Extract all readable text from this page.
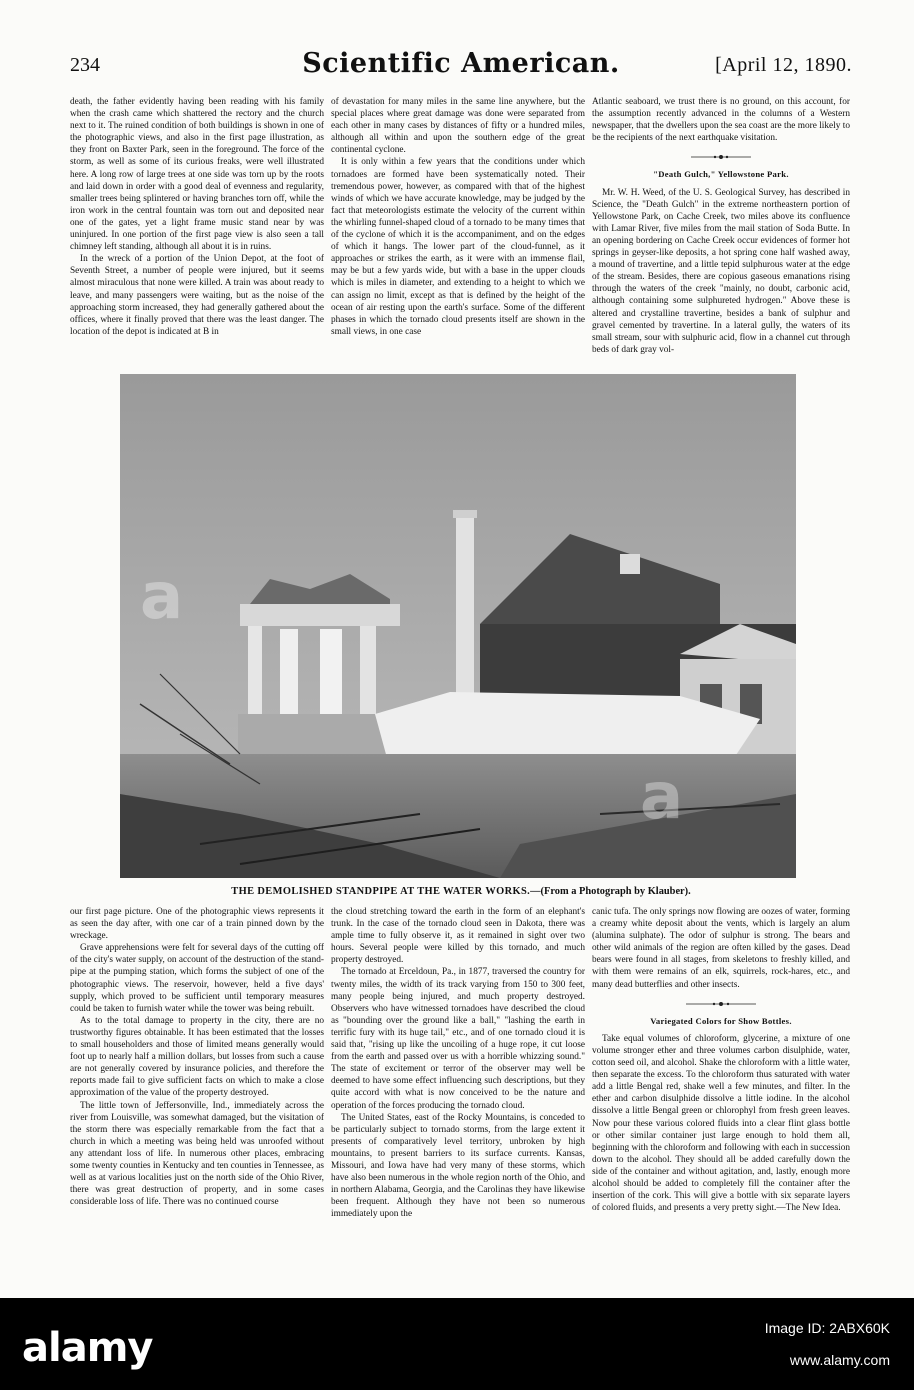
234	Scientific American.	[April 12, 1890.

death, the father evidently having been reading with his family when the crash came which shattered the rectory and the church next to it. The ruined condition of both buildings is shown in one of the photographic views, and also in the first page illustration, as they front on Baxter Park, seen in the foreground. The force of the storm, as well as some of its curious freaks, were well illustrated here. A long row of large trees at one side was torn up by the roots and laid down in order with a good deal of evenness and regularity, smaller trees being splintered or having branches torn off, while the iron work in the central fountain was torn out and deposited near one of the gates, yet a light frame music stand near by was uninjured. In one portion of the first page view is also seen a tall chimney left standing, although all about it is in ruins.

In the wreck of a portion of the Union Depot, at the foot of Seventh Street, a number of people were injured, but it seems almost miraculous that none were killed. A train was about ready to leave, and many passengers were waiting, but as the noise of the approaching storm increased, they had generally gathered about the offices, where it finally proved that there was the least danger. The location of the depot is indicated at B in

of devastation for many miles in the same line anywhere, but the special places where great damage was done were separated from each other in many cases by distances of fifty or a hundred miles, although all within and upon the southern edge of the great continental cyclone.

It is only within a few years that the conditions under which tornadoes are formed have been systematically noted. Their tremendous power, however, as compared with that of the highest winds of which we have accurate knowledge, may be judged by the fact that meteorologists estimate the velocity of the current within the whirling funnel-shaped cloud of a tornado to be many times that of the cyclone of which it is the accompaniment, and on the edges of which it hangs. The lower part of the cloud-funnel, as it approaches or strikes the earth, as it were with an immense flail, may be but a few yards wide, but with a base in the upper clouds which is miles in diameter, and extending to a height to which we can assign no limit, except as that is defined by the height of the ocean of air resting upon the earth's surface. Some of the different phases in which the tornado cloud presents itself are shown in the small views, in one case

Atlantic seaboard, we trust there is no ground, on this account, for the assumption recently advanced in the columns of a Western newspaper, that the dwellers upon the sea coast are the more likely to be the recipients of the next earthquake visitation.

"Death Gulch," Yellowstone Park.

Mr. W. H. Weed, of the U. S. Geological Survey, has described in Science, the "Death Gulch" in the extreme northeastern portion of Yellowstone Park, on Cache Creek, two miles above its confluence with Lamar River, five miles from the mail station of Soda Butte. In an opening bordering on Cache Creek occur evidences of former hot springs in geyser-like deposits, a hot spring cone half washed away, a mound of travertine, and a little tepid sulphurous water at the edge of the stream. Besides, there are copious gaseous emanations rising through the waters of the creek "mainly, no doubt, carbonic acid, although containing some sulphureted hydrogen." Above these is altered and crystalline travertine, besides a bank of sulphur and gravel cemented by travertine. In a lateral gully, the waters of its small stream, sour with sulphuric acid, flow in a channel cut through beds of dark gray vol-

THE DEMOLISHED STANDPIPE AT THE WATER WORKS.—(From a Photograph by Klauber).

our first page picture. One of the photographic views represents it as seen the day after, with one car of a train pinned down by the wreckage.

Grave apprehensions were felt for several days of the cutting off of the city's water supply, on account of the destruction of the stand-pipe at the pumping station, which forms the subject of one of the photographic views. The reservoir, however, held a five days' supply, which proved to be sufficient until temporary measures could be taken to furnish water while the tower was being rebuilt.

As to the total damage to property in the city, there are no trustworthy figures obtainable. It has been estimated that the losses to small householders and those of limited means generally would foot up to nearly half a million dollars, but losses from such a cause are not generally covered by insurance policies, and therefore the reports made fail to give sufficient facts on which to make a close approximation of the value of the property destroyed.

The little town of Jeffersonville, Ind., immediately across the river from Louisville, was somewhat damaged, but the visitation of the storm there was especially remarkable from the fact that a church in which a meeting was being held was unroofed without any attendant loss of life. In numerous other places, embracing some twenty counties in Kentucky and ten counties in Tennessee, as well as at various localities just on the north side of the Ohio River, there was great destruction of property, and in some cases considerable loss of life. There was no continued course

the cloud stretching toward the earth in the form of an elephant's trunk. In the case of the tornado cloud seen in Dakota, there was ample time to fully observe it, as it remained in sight over two hours. Several people were killed by this tornado, and much property destroyed.

The tornado at Erceldoun, Pa., in 1877, traversed the country for twenty miles, the width of its track varying from 150 to 300 feet, many people being injured, and much property destroyed. Observers who have witnessed tornadoes have described the cloud as "bounding over the ground like a ball," "lashing the earth in terrific fury with its huge tail," etc., and of one tornado cloud it is said that, "rising up like the uncoiling of a huge rope, it cut loose from the earth and passed over us with a horrible whizzing sound." The state of excitement or terror of the observer may well be deemed to have some effect influencing such descriptions, but they quite accord with what is now conceived to be the nature and operation of the forces producing the tornado cloud.

The United States, east of the Rocky Mountains, is conceded to be particularly subject to tornado storms, from the large extent it presents of comparatively level territory, unbroken by high mountains, to present barriers to its surface currents. Kansas, Missouri, and Iowa have had very many of these storms, which have also been numerous in the whole region north of the Ohio, and in northern Alabama, Georgia, and the Carolinas they have likewise been frequent. Although they have not been so numerous immediately upon the

canic tufa. The only springs now flowing are oozes of water, forming a creamy white deposit about the vents, which is largely an alum (alumina sulphate). The odor of sulphur is strong. The bears and other wild animals of the region are often killed by the gases. Dead bears were found in all stages, from skeletons to freshly killed, and with them were remains of an elk, squirrels, rock-hares, etc., and many dead butterflies and other insects.

Variegated Colors for Show Bottles.

Take equal volumes of chloroform, glycerine, a mixture of one volume stronger ether and three volumes carbon disulphide, water, cotton seed oil, and alcohol. Shake the chloroform with a little water, then separate the excess. To the chloroform thus saturated with water add a little Bengal red, shake well a few minutes, and filter. In the ether and carbon disulphide dissolve a little iodine. In the alcohol dissolve a little Bengal green or chlorophyl from fresh green leaves. Now pour these various colored fluids into a clear flint glass bottle or other similar container just large enough to hold them all, beginning with the chloroform and following with each in succession down to the alcohol. They should all be added carefully down the side of the container and without agitation, and, lastly, enough more alcohol should be added to completely fill the container after the insertion of the cork. This will give a bottle with six separate layers of colored fluids, and presents a very pretty sight.—The New Idea.

a
a
alamy	Image ID: 2ABX60K
www.alamy.com
